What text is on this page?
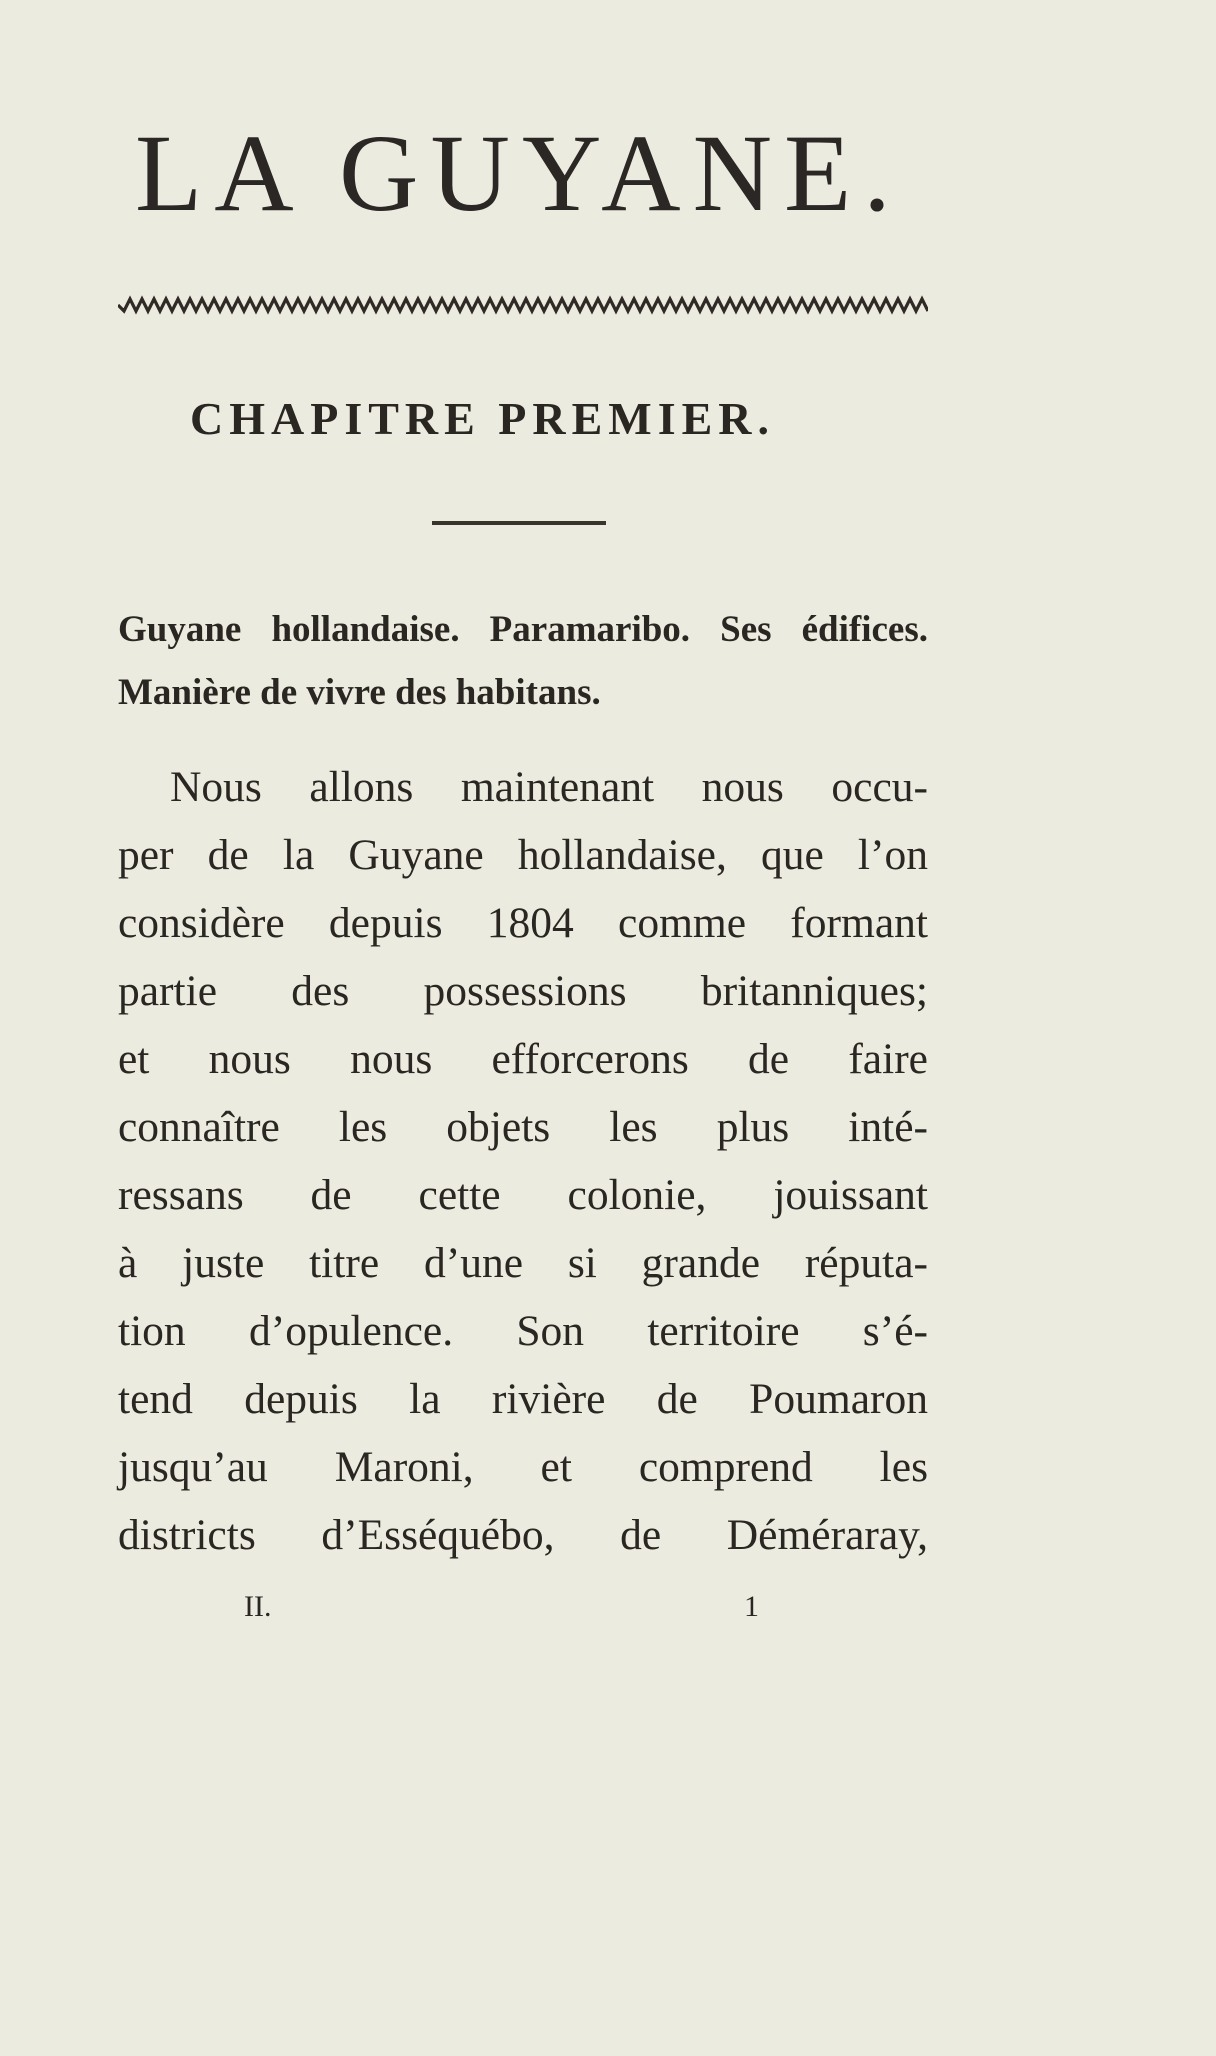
LA GUYANE.
CHAPITRE PREMIER.

Guyane hollandaise. Paramaribo. Ses édifices. Manière de vivre des habitans.

Nous allons maintenant nous occu-
per de la Guyane hollandaise, que l’on
considère depuis 1804 comme formant
partie des possessions britanniques;
et nous nous efforcerons de faire
connaître les objets les plus inté-
ressans de cette colonie, jouissant
à juste titre d’une si grande réputa-
tion d’opulence. Son territoire s’é-
tend depuis la rivière de Poumaron
jusqu’au Maroni, et comprend les
districts d’Esséquébo, de Déméraray,
II.	1
